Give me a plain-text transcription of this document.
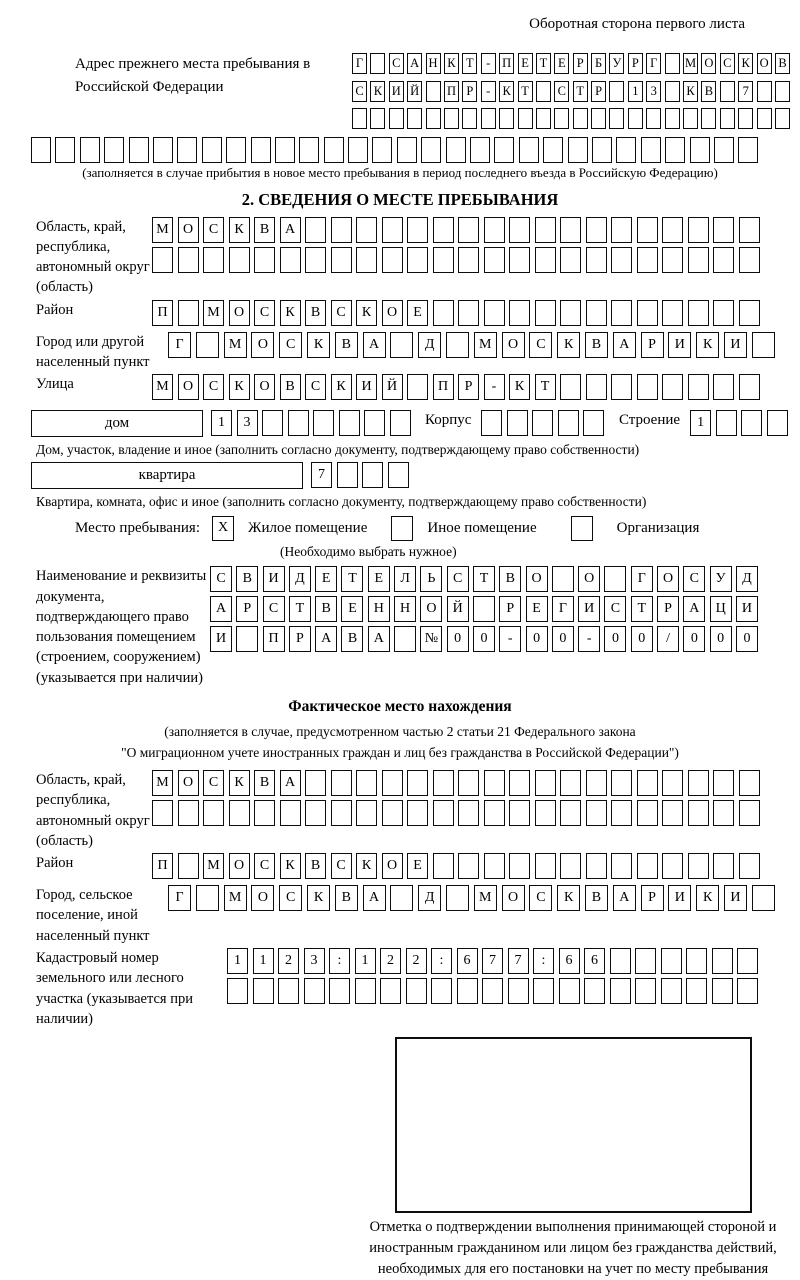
Оборотная сторона первого листа
Адрес прежнего места пребывания в Российской Федерации
Г	С А Н К Т - П Е Т Е Р Б У Р Г	М О С К О В
С К И Й П Р	- К Т С Т Р	1 3	К В	7
(заполняется в случае прибытия в новое место пребывания в период последнего въезда в Российскую Федерацию)
2. СВЕДЕНИЯ О МЕСТЕ ПРЕБЫВАНИЯ
Область, край, республика, автономный округ (область)
М	О	С	К	В	А
Район	П	М	О	С	К	В	С	К	О	Е
Город или другой населенный пункт
Г	М	О	С	К	В	А	Д	М	О	С	К	В	А	Р	И	К	И
Улица	М	О	С	К	О	В	С	К	И	Й	П	Р	-	К	Т
дом	1	3	Корпус	Строение	1
Дом, участок, владение и иное (заполнить согласно документу, подтверждающему право собственности)
квартира	7
Квартира, комната, офис и иное (заполнить согласно документу, подтверждающему право собственности)
Место пребывания:	X	Жилое помещение	Иное помещение	Организация
(Необходимо выбрать нужное)
Наименование и реквизиты документа, подтверждающего право пользования помещением (строением, сооружением) (указывается при наличии)
С	В	И	Д	Е	Т	Е	Л	Ь	С	Т	В	О	О	Г	О	С	У	Д
А	Р	С	Т	В	Е	Н	Н	О	Й	Р	Е	Г	И	С	Т	Р	А	Ц	И
И	П	Р	А	В	А	№	0	0	-	0	0	-	0	0	/	0	0	0
Фактическое место нахождения
(заполняется в случае, предусмотренном частью 2 статьи 21 Федерального закона
"О миграционном учете иностранных граждан и лиц без гражданства в Российской Федерации")
Область, край, республика, автономный округ (область)
М	О	С	К	В	А
Район	П	М	О	С	К	В	С	К	О	Е
Город, сельское поселение, иной населенный пункт
Г	М	О	С	К	В	А	Д	М	О	С	К	В	А	Р	И	К	И
Кадастровый номер земельного или лесного участка (указывается при наличии)
1	1	2	3	:	1	2	2	:	6	7	7	:	6	6
Отметка о подтверждении выполнения принимающей стороной и иностранным гражданином или лицом без гражданства действий, необходимых для его постановки на учет по месту пребывания
